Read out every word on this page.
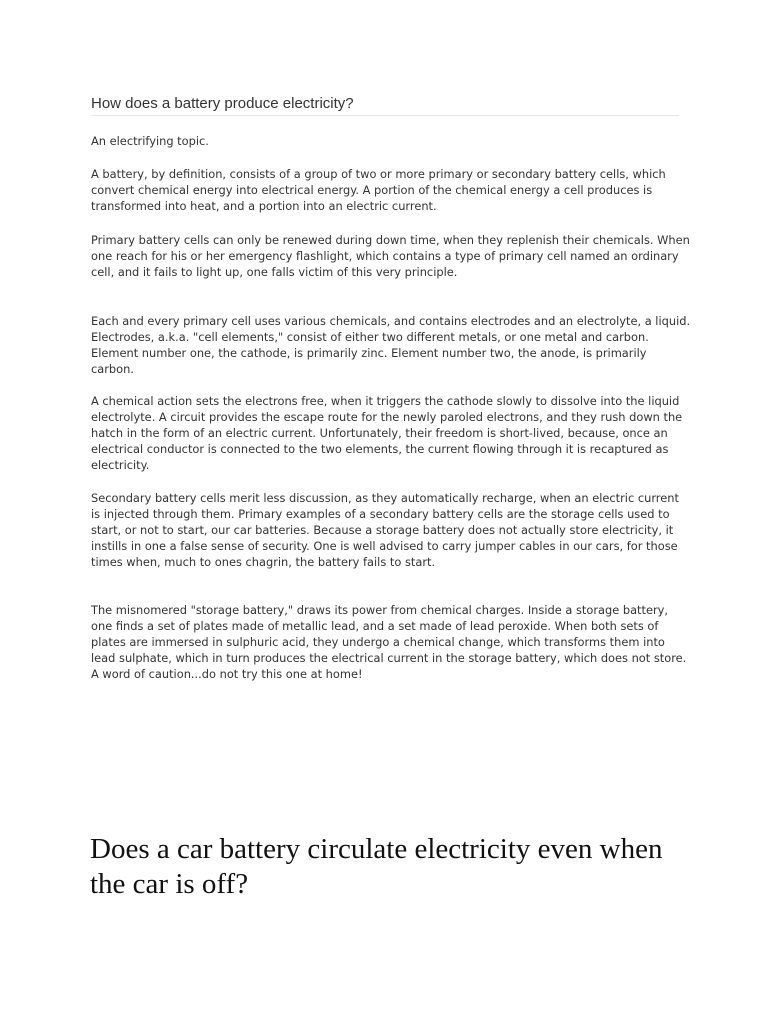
How does a battery produce electricity?

An electrifying topic.

A battery, by definition, consists of a group of two or more primary or secondary battery cells, which convert chemical energy into electrical energy. A portion of the chemical energy a cell produces is transformed into heat, and a portion into an electric current.

Primary battery cells can only be renewed during down time, when they replenish their chemicals. When one reach for his or her emergency flashlight, which contains a type of primary cell named an ordinary cell, and it fails to light up, one falls victim of this very principle.

Each and every primary cell uses various chemicals, and contains electrodes and an electrolyte, a liquid. Electrodes, a.k.a. "cell elements," consist of either two different metals, or one metal and carbon. Element number one, the cathode, is primarily zinc. Element number two, the anode, is primarily carbon.

A chemical action sets the electrons free, when it triggers the cathode slowly to dissolve into the liquid electrolyte. A circuit provides the escape route for the newly paroled electrons, and they rush down the hatch in the form of an electric current. Unfortunately, their freedom is short-lived, because, once an electrical conductor is connected to the two elements, the current flowing through it is recaptured as electricity.

Secondary battery cells merit less discussion, as they automatically recharge, when an electric current is injected through them. Primary examples of a secondary battery cells are the storage cells used to start, or not to start, our car batteries. Because a storage battery does not actually store electricity, it instills in one a false sense of security. One is well advised to carry jumper cables in our cars, for those times when, much to ones chagrin, the battery fails to start.

The misnomered "storage battery," draws its power from chemical charges. Inside a storage battery, one finds a set of plates made of metallic lead, and a set made of lead peroxide. When both sets of plates are immersed in sulphuric acid, they undergo a chemical change, which transforms them into lead sulphate, which in turn produces the electrical current in the storage battery, which does not store. A word of caution...do not try this one at home!

Does a car battery circulate electricity even when the car is off?
